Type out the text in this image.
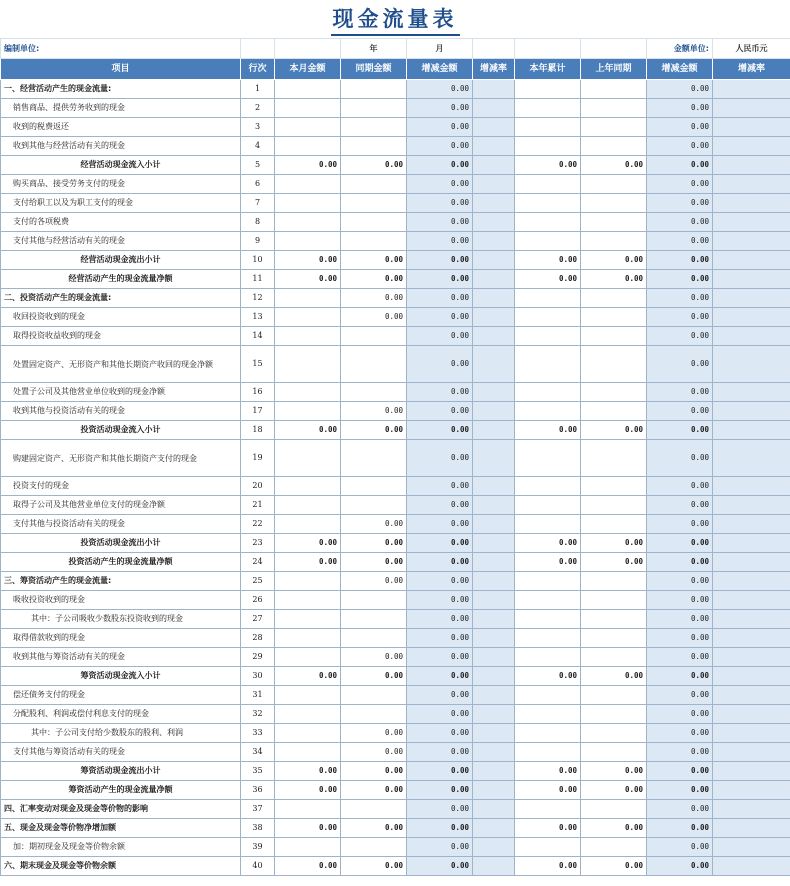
现金流量表
编制单位:			年	月				金额单位:	人民币元
项目	行次	本月金额	同期金额	增减金额	增减率	本年累计	上年同期	增减金额	增减率
一、经营活动产生的现金流量:	1			0.00				0.00	
销售商品、提供劳务收到的现金	2			0.00				0.00	
收到的税费返还	3			0.00				0.00	
收到其他与经营活动有关的现金	4			0.00				0.00	
经营活动现金流入小计	5	0.00	0.00	0.00		0.00	0.00	0.00	
购买商品、接受劳务支付的现金	6			0.00				0.00	
支付给职工以及为职工支付的现金	7			0.00				0.00	
支付的各项税费	8			0.00				0.00	
支付其他与经营活动有关的现金	9			0.00				0.00	
经营活动现金流出小计	10	0.00	0.00	0.00		0.00	0.00	0.00	
经营活动产生的现金流量净额	11	0.00	0.00	0.00		0.00	0.00	0.00	
二、投资活动产生的现金流量:	12		0.00	0.00				0.00	
收回投资收到的现金	13		0.00	0.00				0.00	
取得投资收益收到的现金	14			0.00				0.00	
处置固定资产、无形资产和其他长期资产收回的现金净额	15			0.00				0.00	
处置子公司及其他营业单位收到的现金净额	16			0.00				0.00	
收到其他与投资活动有关的现金	17		0.00	0.00				0.00	
投资活动现金流入小计	18	0.00	0.00	0.00		0.00	0.00	0.00	
购建固定资产、无形资产和其他长期资产支付的现金	19			0.00				0.00	
投资支付的现金	20			0.00				0.00	
取得子公司及其他营业单位支付的现金净额	21			0.00				0.00	
支付其他与投资活动有关的现金	22		0.00	0.00				0.00	
投资活动现金流出小计	23	0.00	0.00	0.00		0.00	0.00	0.00	
投资活动产生的现金流量净额	24	0.00	0.00	0.00		0.00	0.00	0.00	
三、筹资活动产生的现金流量:	25		0.00	0.00				0.00	
吸收投资收到的现金	26			0.00				0.00	
其中：子公司吸收少数股东投资收到的现金	27			0.00				0.00	
取得借款收到的现金	28			0.00				0.00	
收到其他与筹资活动有关的现金	29		0.00	0.00				0.00	
筹资活动现金流入小计	30	0.00	0.00	0.00		0.00	0.00	0.00	
偿还债务支付的现金	31			0.00				0.00	
分配股利、利润或偿付利息支付的现金	32			0.00				0.00	
其中：子公司支付给少数股东的股利、利润	33		0.00	0.00				0.00	
支付其他与筹资活动有关的现金	34		0.00	0.00				0.00	
筹资活动现金流出小计	35	0.00	0.00	0.00		0.00	0.00	0.00	
筹资活动产生的现金流量净额	36	0.00	0.00	0.00		0.00	0.00	0.00	
四、汇率变动对现金及现金等价物的影响	37			0.00				0.00	
五、现金及现金等价物净增加额	38	0.00	0.00	0.00		0.00	0.00	0.00	
加：期初现金及现金等价物余额	39			0.00				0.00	
六、期末现金及现金等价物余额	40	0.00	0.00	0.00		0.00	0.00	0.00	
